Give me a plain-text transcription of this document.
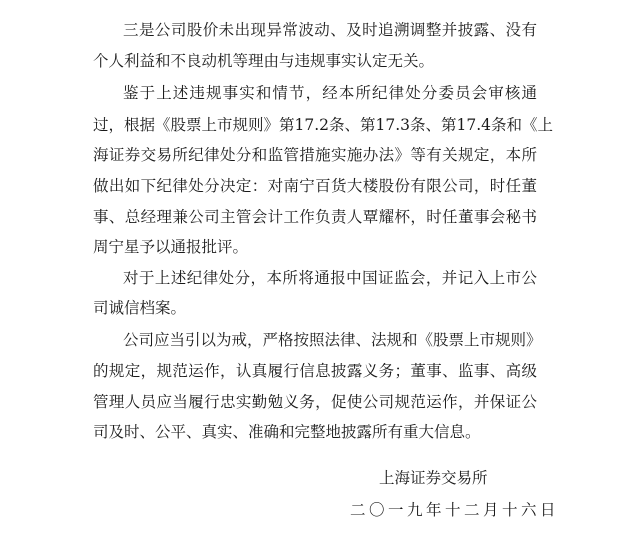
三是公司股价未出现异常波动、及时追溯调整并披露、没有
个人利益和不良动机等理由与违规事实认定无关。
鉴于上述违规事实和情节，经本所纪律处分委员会审核通
过，根据《股票上市规则》第17.2条、第17.3条、第17.4条和《上
海证券交易所纪律处分和监管措施实施办法》等有关规定，本所
做出如下纪律处分决定：对南宁百货大楼股份有限公司，时任董
事、总经理兼公司主管会计工作负责人覃耀杯，时任董事会秘书
周宁星予以通报批评。
对于上述纪律处分，本所将通报中国证监会，并记入上市公
司诚信档案。
公司应当引以为戒，严格按照法律、法规和《股票上市规则》
的规定，规范运作，认真履行信息披露义务；董事、监事、高级
管理人员应当履行忠实勤勉义务，促使公司规范运作，并保证公
司及时、公平、真实、准确和完整地披露所有重大信息。
上海证券交易所
二〇一九年十二月十六日
